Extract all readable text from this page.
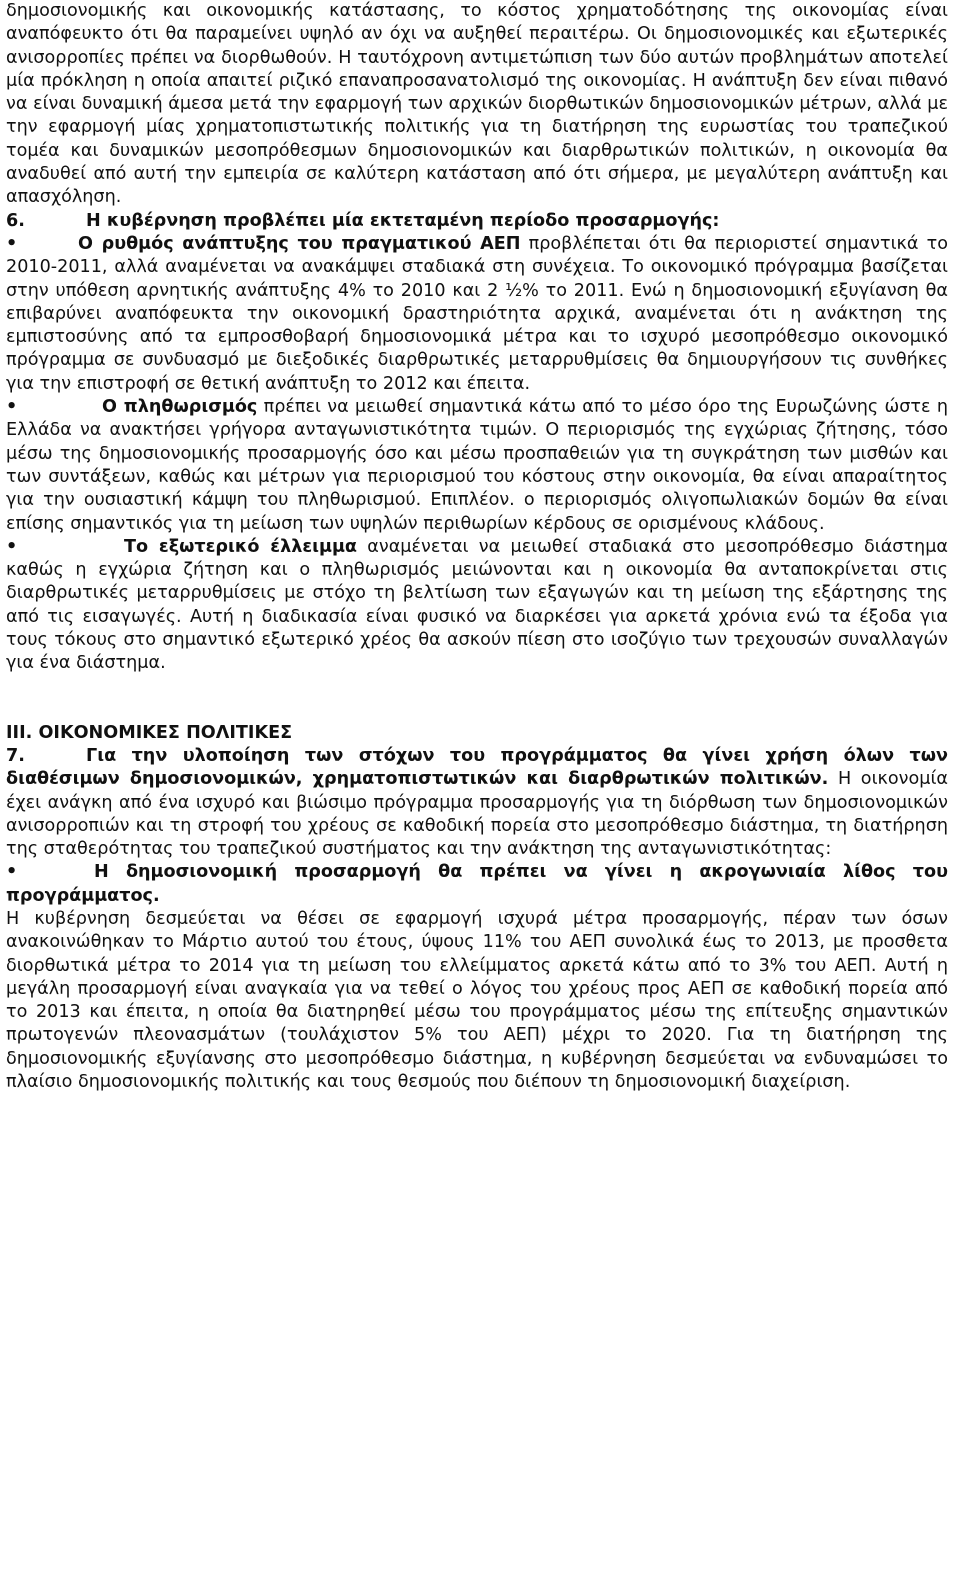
δημοσιονομικής και οικονομικής κατάστασης, το κόστος χρηματοδότησης της οικονομίας είναι αναπόφευκτο ότι θα παραμείνει υψηλό αν όχι να αυξηθεί περαιτέρω. Οι δημοσιονομικές και εξωτερικές ανισορροπίες πρέπει να διορθωθούν. Η ταυτόχρονη αντιμετώπιση των δύο αυτών προβλημάτων αποτελεί μία πρόκληση η οποία απαιτεί ριζικό επαναπροσανατολισμό της οικονομίας. Η ανάπτυξη δεν είναι πιθανό να είναι δυναμική άμεσα μετά την εφαρμογή των αρχικών διορθωτικών δημοσιονομικών μέτρων, αλλά με την εφαρμογή μίας χρηματοπιστωτικής πολιτικής για τη διατήρηση της ευρωστίας του τραπεζικού τομέα και δυναμικών μεσοπρόθεσμων δημοσιονομικών και διαρθρωτικών πολιτικών, η οικονομία θα αναδυθεί από αυτή την εμπειρία σε καλύτερη κατάσταση από ότι σήμερα, με μεγαλύτερη ανάπτυξη και απασχόληση.

6.	Η κυβέρνηση προβλέπει μία εκτεταμένη περίοδο προσαρμογής:

•	Ο ρυθμός ανάπτυξης του πραγματικού ΑΕΠ προβλέπεται ότι θα περιοριστεί σημαντικά το 2010-2011, αλλά αναμένεται να ανακάμψει σταδιακά στη συνέχεια. Το οικονομικό πρόγραμμα βασίζεται στην υπόθεση αρνητικής ανάπτυξης 4% το 2010 και 2 ½% το 2011. Ενώ η δημοσιονομική εξυγίανση θα επιβαρύνει αναπόφευκτα την οικονομική δραστηριότητα αρχικά, αναμένεται ότι η ανάκτηση της εμπιστοσύνης από τα εμπροσθοβαρή δημοσιονομικά μέτρα και το ισχυρό μεσοπρόθεσμο οικονομικό πρόγραμμα σε συνδυασμό με διεξοδικές διαρθρωτικές μεταρρυθμίσεις θα δημιουργήσουν τις συνθήκες για την επιστροφή σε θετική ανάπτυξη το 2012 και έπειτα.

•	Ο πληθωρισμός πρέπει να μειωθεί σημαντικά κάτω από το μέσο όρο της Ευρωζώνης ώστε η Ελλάδα να ανακτήσει γρήγορα ανταγωνιστικότητα τιμών. Ο περιορισμός της εγχώριας ζήτησης, τόσο μέσω της δημοσιονομικής προσαρμογής όσο και μέσω προσπαθειών για τη συγκράτηση των μισθών και των συντάξεων, καθώς και μέτρων για περιορισμού του κόστους στην οικονομία, θα είναι απαραίτητος για την ουσιαστική κάμψη του πληθωρισμού. Επιπλέον. ο περιορισμός ολιγοπωλιακών δομών θα είναι επίσης σημαντικός για τη μείωση των υψηλών περιθωρίων κέρδους σε ορισμένους κλάδους.

•	Το εξωτερικό έλλειμμα αναμένεται να μειωθεί σταδιακά στο μεσοπρόθεσμο διάστημα καθώς η εγχώρια ζήτηση και ο πληθωρισμός μειώνονται και η οικονομία θα ανταποκρίνεται στις διαρθρωτικές μεταρρυθμίσεις με στόχο τη βελτίωση των εξαγωγών και τη μείωση της εξάρτησης της από τις εισαγωγές. Αυτή η διαδικασία είναι φυσικό να διαρκέσει για αρκετά χρόνια ενώ τα έξοδα για τους τόκους στο σημαντικό εξωτερικό χρέος θα ασκούν πίεση στο ισοζύγιο των τρεχουσών συναλλαγών για ένα διάστημα.

III. ΟΙΚΟΝΟΜΙΚΕΣ ΠΟΛΙΤΙΚΕΣ

7.	Για την υλοποίηση των στόχων του προγράμματος θα γίνει χρήση όλων των διαθέσιμων δημοσιονομικών, χρηματοπιστωτικών και διαρθρωτικών πολιτικών. Η οικονομία έχει ανάγκη από ένα ισχυρό και βιώσιμο πρόγραμμα προσαρμογής για τη διόρθωση των δημοσιονομικών ανισορροπιών και τη στροφή του χρέους σε καθοδική πορεία στο μεσοπρόθεσμο διάστημα, τη διατήρηση της σταθερότητας του τραπεζικού συστήματος και την ανάκτηση της ανταγωνιστικότητας:

•	Η δημοσιονομική προσαρμογή θα πρέπει να γίνει η ακρογωνιαία λίθος του προγράμματος.

Η κυβέρνηση δεσμεύεται να θέσει σε εφαρμογή ισχυρά μέτρα προσαρμογής, πέραν των όσων ανακοινώθηκαν το Μάρτιο αυτού του έτους, ύψους 11% του ΑΕΠ συνολικά έως το 2013, με προσθετα διορθωτικά μέτρα το 2014 για τη μείωση του ελλείμματος αρκετά κάτω από το 3% του ΑΕΠ. Αυτή η μεγάλη προσαρμογή είναι αναγκαία για να τεθεί ο λόγος του χρέους προς ΑΕΠ σε καθοδική πορεία από το 2013 και έπειτα, η οποία θα διατηρηθεί μέσω του προγράμματος μέσω της επίτευξης σημαντικών πρωτογενών πλεονασμάτων (τουλάχιστον 5% του ΑΕΠ) μέχρι το 2020. Για τη διατήρηση της δημοσιονομικής εξυγίανσης στο μεσοπρόθεσμο διάστημα, η κυβέρνηση δεσμεύεται να ενδυναμώσει το πλαίσιο δημοσιονομικής πολιτικής και τους θεσμούς που διέπουν τη δημοσιονομική διαχείριση.
